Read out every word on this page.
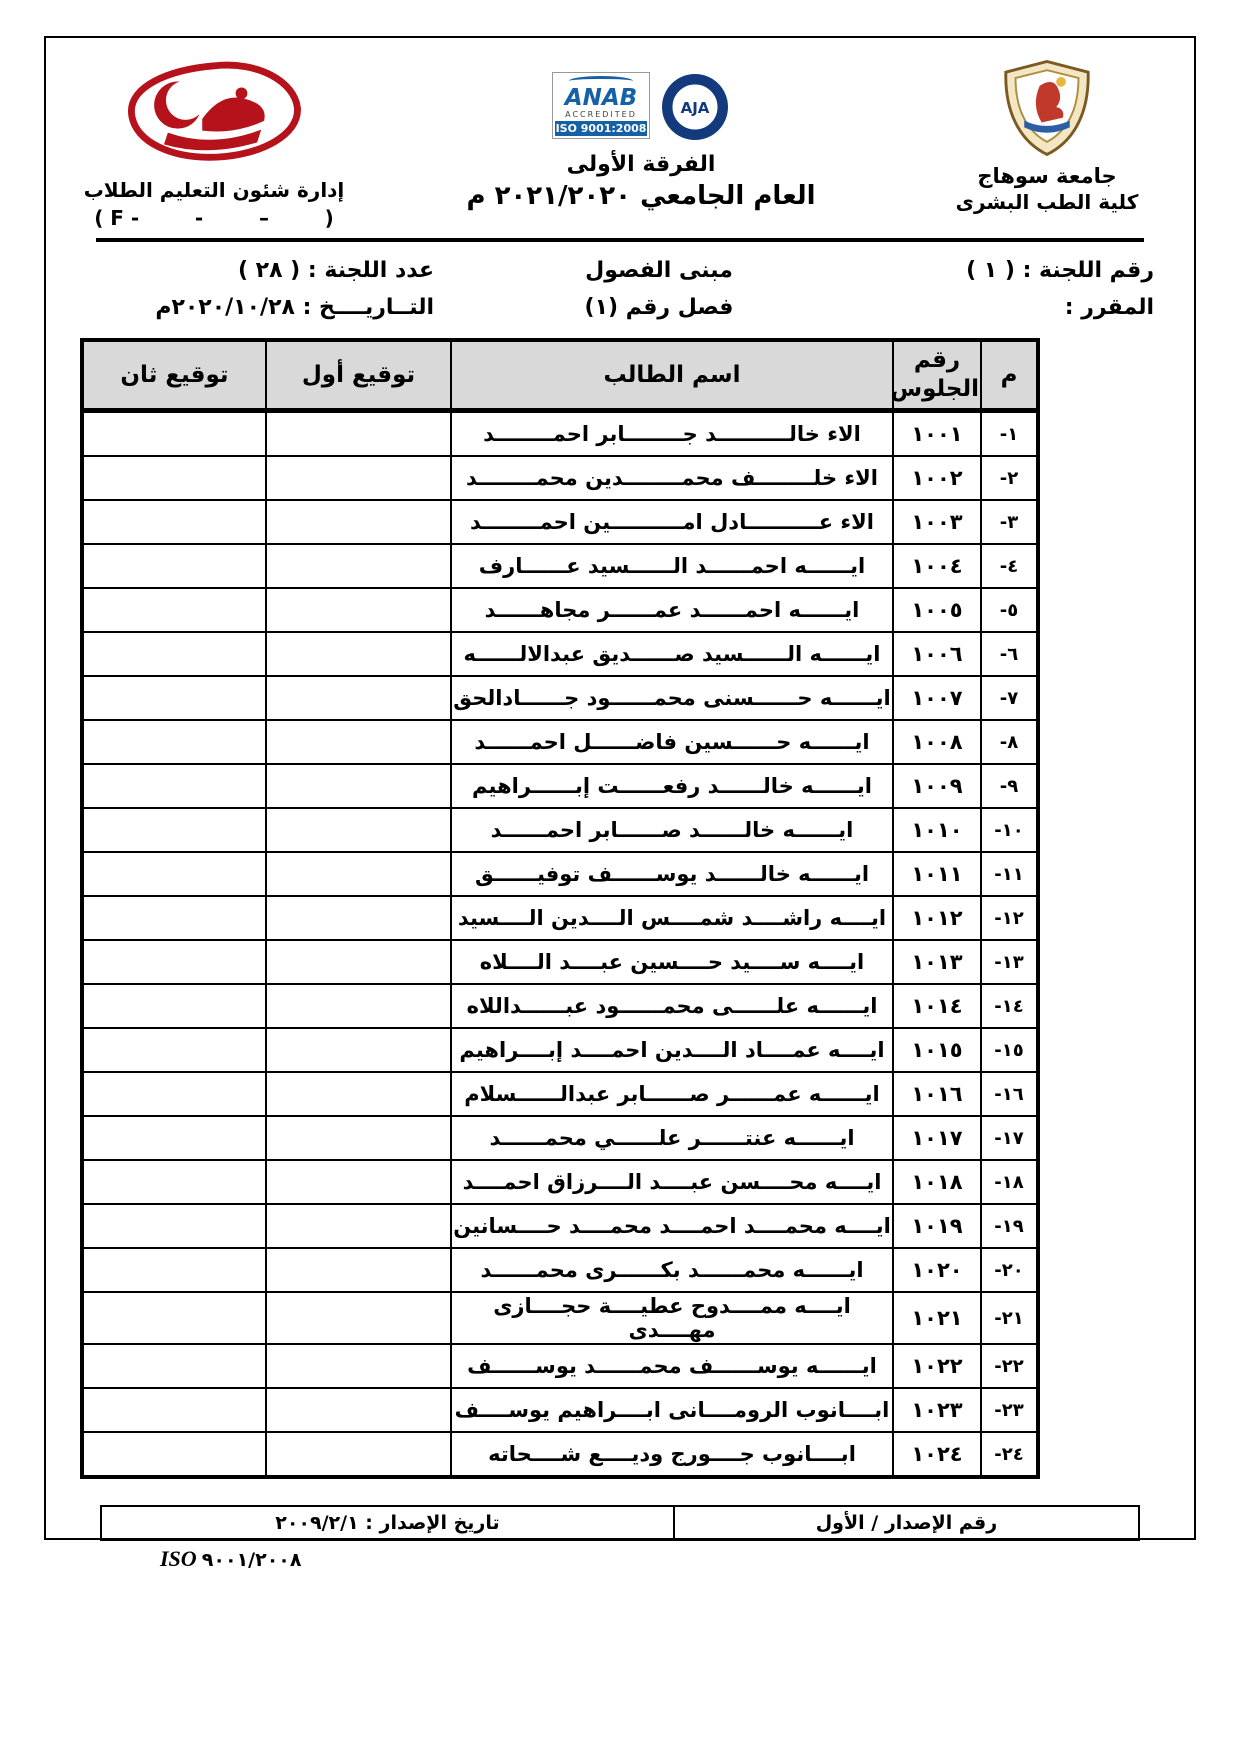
جامعة سوهاج
كلية الطب البشرى
ANAB
ACCREDITED
ISO 9001:2008
AJA
الفرقة الأولى
العام الجامعي ٢٠٢١/٢٠٢٠ م
إدارة شئون التعليم الطلاب
( F -        -        –        )
رقم اللجنة : ( ١ )
مبنى الفصول
عدد اللجنة : ( ٢٨ )
المقرر :
فصل رقم (١)
التــاريــــخ : ٢٠٢٠/١٠/٢٨م
م	رقم الجلوس	اسم الطالب	توقيع أول	توقيع ثان
١-	١٠٠١	الاء خالــــــــــد جــــــــابر احمــــــــد		
٢-	١٠٠٢	الاء خلــــــــف محمــــــــدين محمــــــــد		
٣-	١٠٠٣	الاء عــــــــــادل امــــــــــين احمــــــــد		
٤-	١٠٠٤	ايــــــه احمــــــد الــــــسيد عــــــارف		
٥-	١٠٠٥	ايــــــه احمــــــد عمــــــر مجاهــــــد		
٦-	١٠٠٦	ايــــــه الــــــسيد صــــــديق عبدالالــــــه		
٧-	١٠٠٧	ايــــــه حــــــسنى محمــــــود جــــــادالحق		
٨-	١٠٠٨	ايــــــه حــــــسين فاضــــــل احمــــــد		
٩-	١٠٠٩	ايــــــه خالــــــد رفعــــــت إبــــــراهيم		
١٠-	١٠١٠	ايــــــه خالــــــد صــــــابر احمــــــد		
١١-	١٠١١	ايــــــه خالــــــد يوســــــف توفيــــــق		
١٢-	١٠١٢	ايــــه راشــــد شمــــس الــــدين الــــسيد		
١٣-	١٠١٣	ايــــه ســــيد حــــسين عبــــد الــــلاه		
١٤-	١٠١٤	ايــــــه علــــــى محمــــــود عبــــــداللاه		
١٥-	١٠١٥	ايــــه عمــــاد الــــدين احمــــد إبــــراهيم		
١٦-	١٠١٦	ايــــــه عمــــــر صــــــابر عبدالــــــسلام		
١٧-	١٠١٧	ايــــــه عنتــــــر علــــــي محمــــــد		
١٨-	١٠١٨	ايــــه محــــسن عبــــد الــــرزاق احمــــد		
١٩-	١٠١٩	ايــــه محمــــد احمــــد محمــــد حــــسانين		
٢٠-	١٠٢٠	ايــــــه محمــــــد بكــــــرى محمــــــد		
٢١-	١٠٢١	ايــــه ممــــدوح عطيــــة حجــــازى مهــــدى		
٢٢-	١٠٢٢	ايــــــه يوســــــف محمــــــد يوســــــف		
٢٣-	١٠٢٣	ابــــانوب الرومــــانى ابــــراهيم يوســــف		
٢٤-	١٠٢٤	ابــــانوب جــــورج وديــــع شــــحاته		
رقم الإصدار / الأول	تاريخ الإصدار : ٢٠٠٩/٢/١
ISO ٩٠٠١/٢٠٠٨
